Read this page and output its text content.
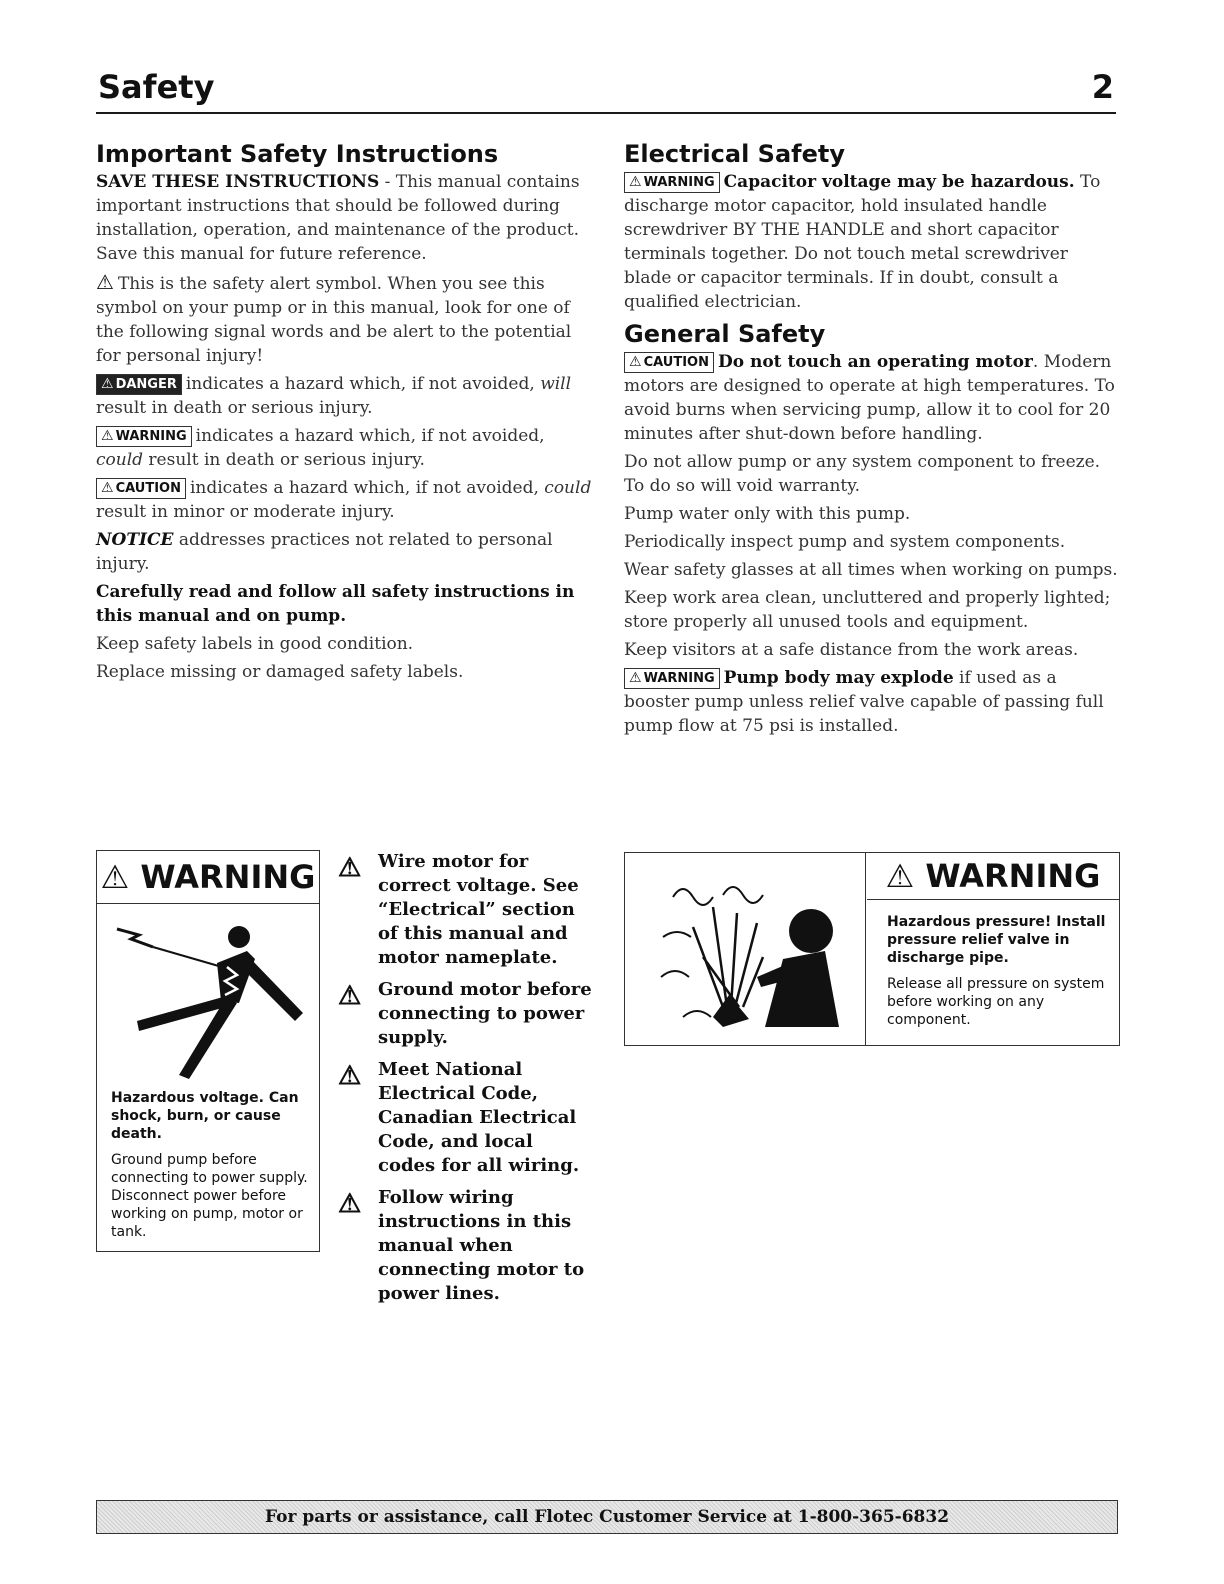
Safety	2
Important Safety Instructions

SAVE THESE INSTRUCTIONS - This manual contains important instructions that should be followed during installation, operation, and maintenance of the product. Save this manual for future reference.

⚠ This is the safety alert symbol. When you see this symbol on your pump or in this manual, look for one of the following signal words and be alert to the potential for personal injury!

⚠ DANGER indicates a hazard which, if not avoided, will result in death or serious injury.

⚠ WARNING indicates a hazard which, if not avoided, could result in death or serious injury.

⚠ CAUTION indicates a hazard which, if not avoided, could result in minor or moderate injury.

NOTICE addresses practices not related to personal injury.

Carefully read and follow all safety instructions in this manual and on pump.

Keep safety labels in good condition.

Replace missing or damaged safety labels.

Electrical Safety

⚠ WARNING Capacitor voltage may be hazardous. To discharge motor capacitor, hold insulated handle screwdriver BY THE HANDLE and short capacitor terminals together. Do not touch metal screwdriver blade or capacitor terminals. If in doubt, consult a qualified electrician.

General Safety

⚠ CAUTION Do not touch an operating motor. Modern motors are designed to operate at high temperatures. To avoid burns when servicing pump, allow it to cool for 20 minutes after shut-down before handling.

Do not allow pump or any system component to freeze. To do so will void warranty.

Pump water only with this pump.

Periodically inspect pump and system components.

Wear safety glasses at all times when working on pumps.

Keep work area clean, uncluttered and properly lighted; store properly all unused tools and equipment.

Keep visitors at a safe distance from the work areas.

⚠ WARNING Pump body may explode if used as a booster pump unless relief valve capable of passing full pump flow at 75 psi is installed.

⚠ WARNING
Hazardous voltage. Can shock, burn, or cause death.
Ground pump before connecting to power supply. Disconnect power before working on pump, motor or tank.
⚠ Wire motor for correct voltage. See “Electrical” section of this manual and motor nameplate.
⚠ Ground motor before connecting to power supply.
⚠ Meet National Electrical Code, Canadian Electrical Code, and local codes for all wiring.
⚠ Follow wiring instructions in this manual when connecting motor to power lines.
⚠ WARNING
Hazardous pressure! Install pressure relief valve in discharge pipe.
Release all pressure on system before working on any component.
For parts or assistance, call Flotec Customer Service at 1-800-365-6832
